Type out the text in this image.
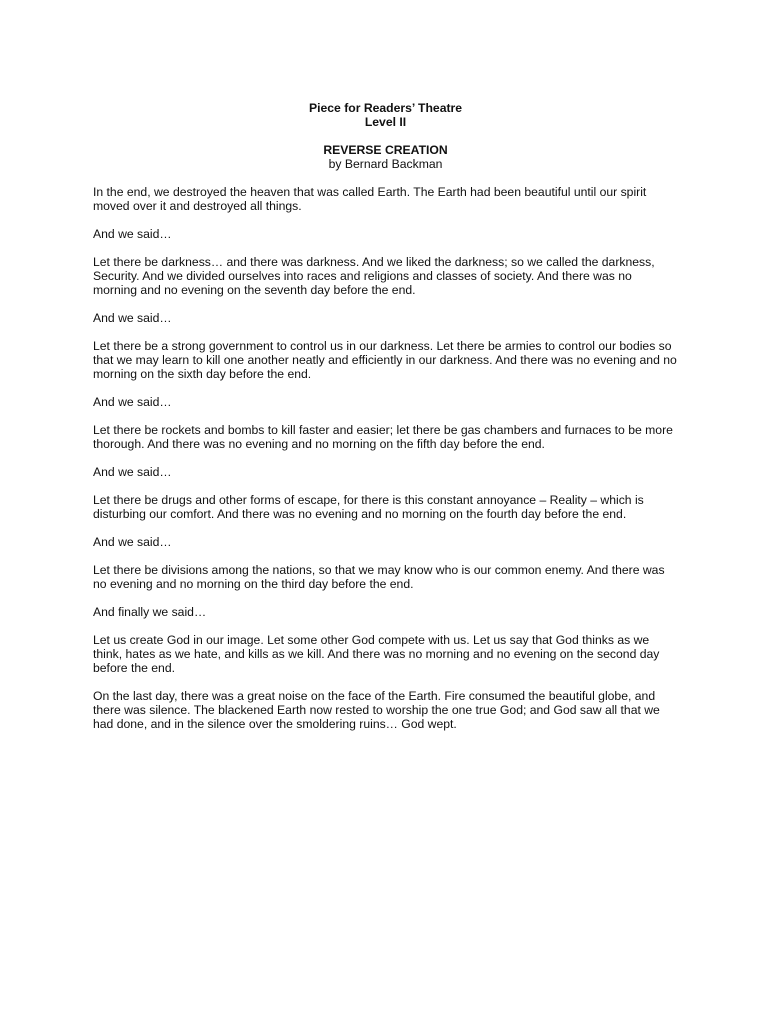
Piece for Readers’ Theatre

Level II

REVERSE CREATION

by Bernard Backman

In the end, we destroyed the heaven that was called Earth. The Earth had been beautiful until our spirit moved over it and destroyed all things.

And we said…

Let there be darkness… and there was darkness. And we liked the darkness; so we called the darkness, Security. And we divided ourselves into races and religions and classes of society. And there was no morning and no evening on the seventh day before the end.

And we said…

Let there be a strong government to control us in our darkness. Let there be armies to control our bodies so that we may learn to kill one another neatly and efficiently in our darkness. And there was no evening and no morning on the sixth day before the end.

And we said…

Let there be rockets and bombs to kill faster and easier; let there be gas chambers and furnaces to be more thorough. And there was no evening and no morning on the fifth day before the end.

And we said…

Let there be drugs and other forms of escape, for there is this constant annoyance – Reality – which is disturbing our comfort. And there was no evening and no morning on the fourth day before the end.

And we said…

Let there be divisions among the nations, so that we may know who is our common enemy. And there was no evening and no morning on the third day before the end.

And finally we said…

Let us create God in our image. Let some other God compete with us. Let us say that God thinks as we think, hates as we hate, and kills as we kill. And there was no morning and no evening on the second day before the end.

On the last day, there was a great noise on the face of the Earth. Fire consumed the beautiful globe, and there was silence. The blackened Earth now rested to worship the one true God; and God saw all that we had done, and in the silence over the smoldering ruins… God wept.
